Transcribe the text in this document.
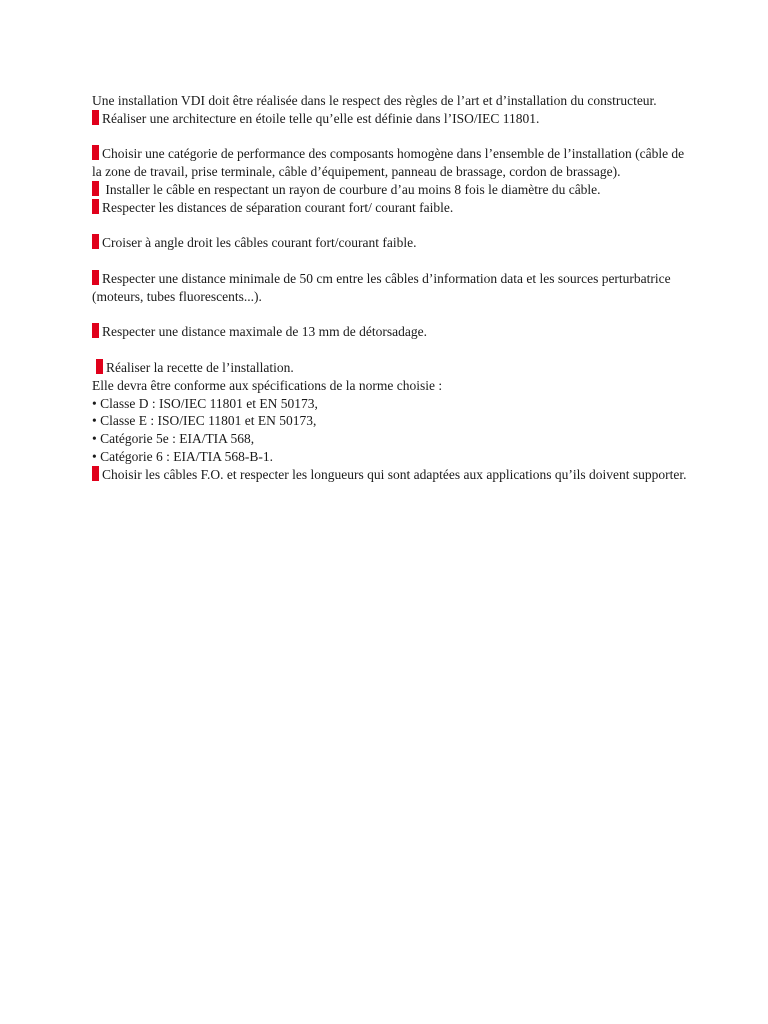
Une installation VDI doit être réalisée dans le respect des règles de l’art et d’installation du constructeur.

1 Réaliser une architecture en étoile telle qu’elle est définie dans l’ISO/IEC 11801.

2 Choisir une catégorie de performance des composants homogène dans l’ensemble de l’installation (câble de la zone de travail, prise terminale, câble d’équipement, panneau de brassage, cordon de brassage).

3 Installer le câble en respectant un rayon de courbure d’au moins 8 fois le diamètre du câble.

4 Respecter les distances de séparation courant fort/ courant faible.

5 Croiser à angle droit les câbles courant fort/courant faible.

6 Respecter une distance minimale de 50 cm entre les câbles d’information data et les sources perturbatrice (moteurs, tubes fluorescents...).

7 Respecter une distance maximale de 13 mm de détorsadage.

8 Réaliser la recette de l’installation.

Elle devra être conforme aux spécifications de la norme choisie :

• Classe D : ISO/IEC 11801 et EN 50173,

• Classe E : ISO/IEC 11801 et EN 50173,

• Catégorie 5e : EIA/TIA 568,

• Catégorie 6 : EIA/TIA 568-B-1.

9 Choisir les câbles F.O. et respecter les longueurs qui sont adaptées aux applications qu’ils doivent supporter.
